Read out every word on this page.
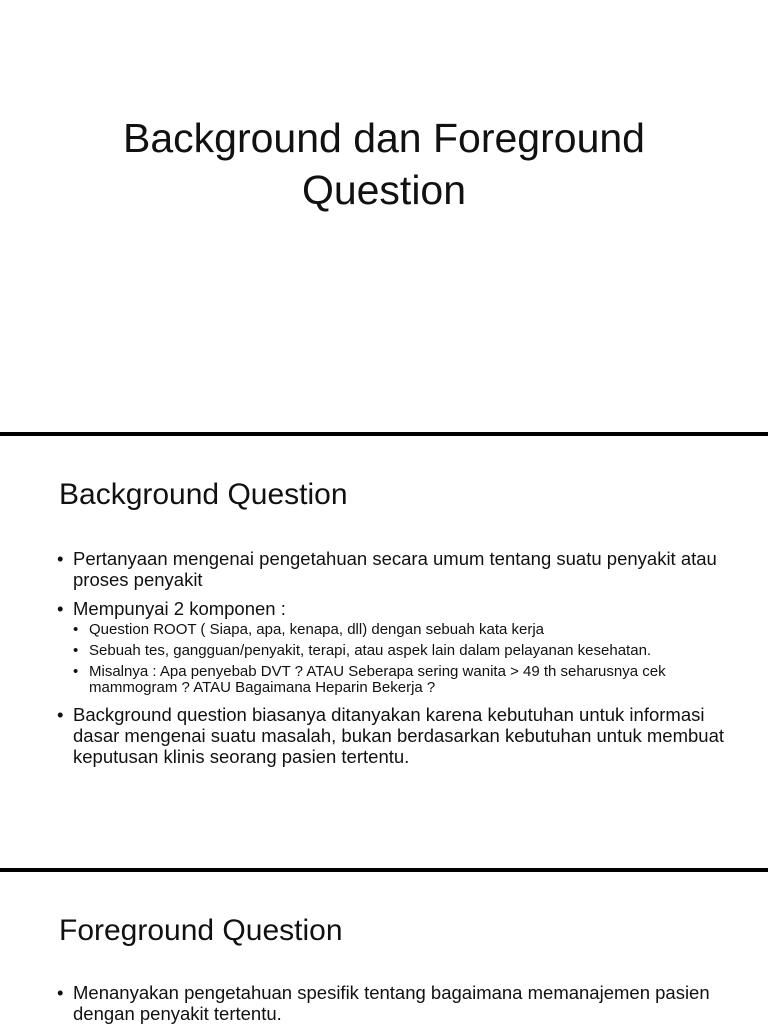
Background dan Foreground
Question
Background Question
• Pertanyaan mengenai pengetahuan secara umum tentang suatu penyakit atau proses penyakit
• Mempunyai 2 komponen :
• Question ROOT ( Siapa, apa, kenapa, dll) dengan sebuah kata kerja
• Sebuah tes, gangguan/penyakit, terapi, atau aspek lain dalam pelayanan kesehatan.
• Misalnya : Apa penyebab DVT ? ATAU Seberapa sering wanita > 49 th seharusnya cek mammogram ? ATAU Bagaimana Heparin Bekerja ?
• Background question biasanya ditanyakan karena kebutuhan untuk informasi dasar mengenai suatu masalah, bukan berdasarkan kebutuhan untuk membuat keputusan klinis seorang pasien tertentu.
Foreground Question
• Menanyakan pengetahuan spesifik tentang bagaimana memanajemen pasien dengan penyakit tertentu.
